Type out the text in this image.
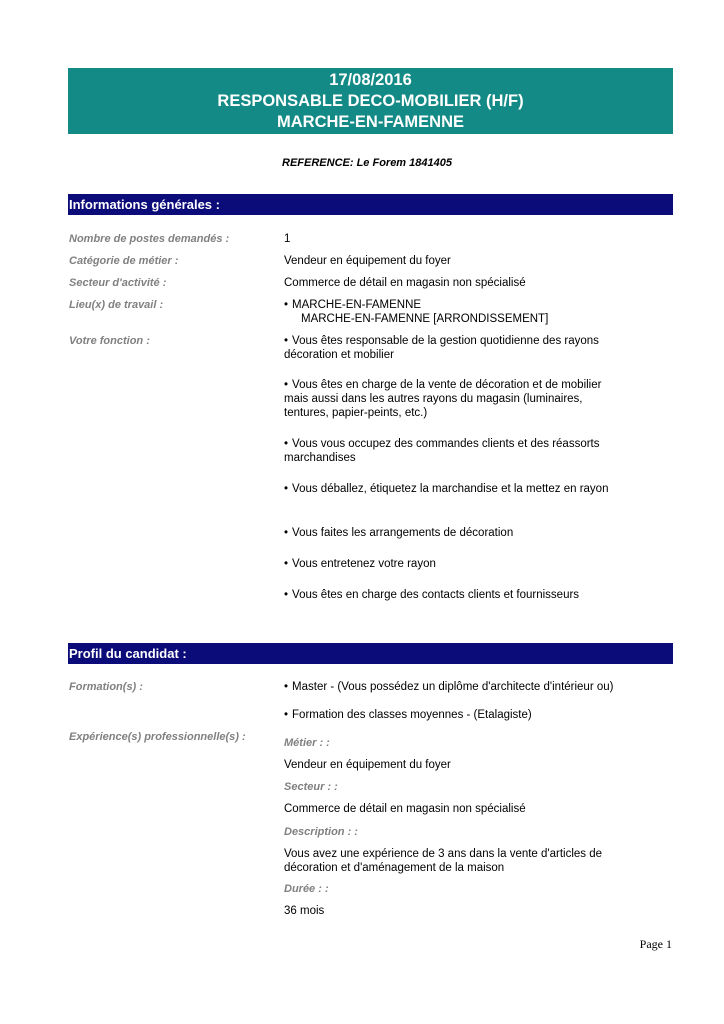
17/08/2016
RESPONSABLE DECO-MOBILIER (H/F)
MARCHE-EN-FAMENNE
REFERENCE: Le Forem 1841405
Informations générales :
Nombre de postes demandés :	1
Catégorie de métier :	Vendeur en équipement du foyer
Secteur d'activité :	Commerce de détail en magasin non spécialisé
Lieu(x) de travail :	• MARCHE-EN-FAMENNE
MARCHE-EN-FAMENNE [ARRONDISSEMENT]
Votre fonction :	• Vous êtes responsable de la gestion quotidienne des rayons décoration et mobilier
• Vous êtes en charge de la vente de décoration et de mobilier mais aussi dans les autres rayons du magasin (luminaires, tentures, papier-peints, etc.)
• Vous vous occupez des commandes clients et des réassorts marchandises
• Vous déballez, étiquetez la marchandise et la mettez en rayon
• Vous faites les arrangements de décoration
• Vous entretenez votre rayon
• Vous êtes en charge des contacts clients et fournisseurs
Profil du candidat :
Formation(s) :	• Master - (Vous possédez un diplôme d'architecte d'intérieur ou)
• Formation des classes moyennes - (Etalagiste)
Expérience(s) professionnelle(s) :	Métier : :
Vendeur en équipement du foyer
Secteur : :
Commerce de détail en magasin non spécialisé
Description : :
Vous avez une expérience de 3 ans dans la vente d'articles de décoration et d'aménagement de la maison
Durée : :
36 mois
Page 1
